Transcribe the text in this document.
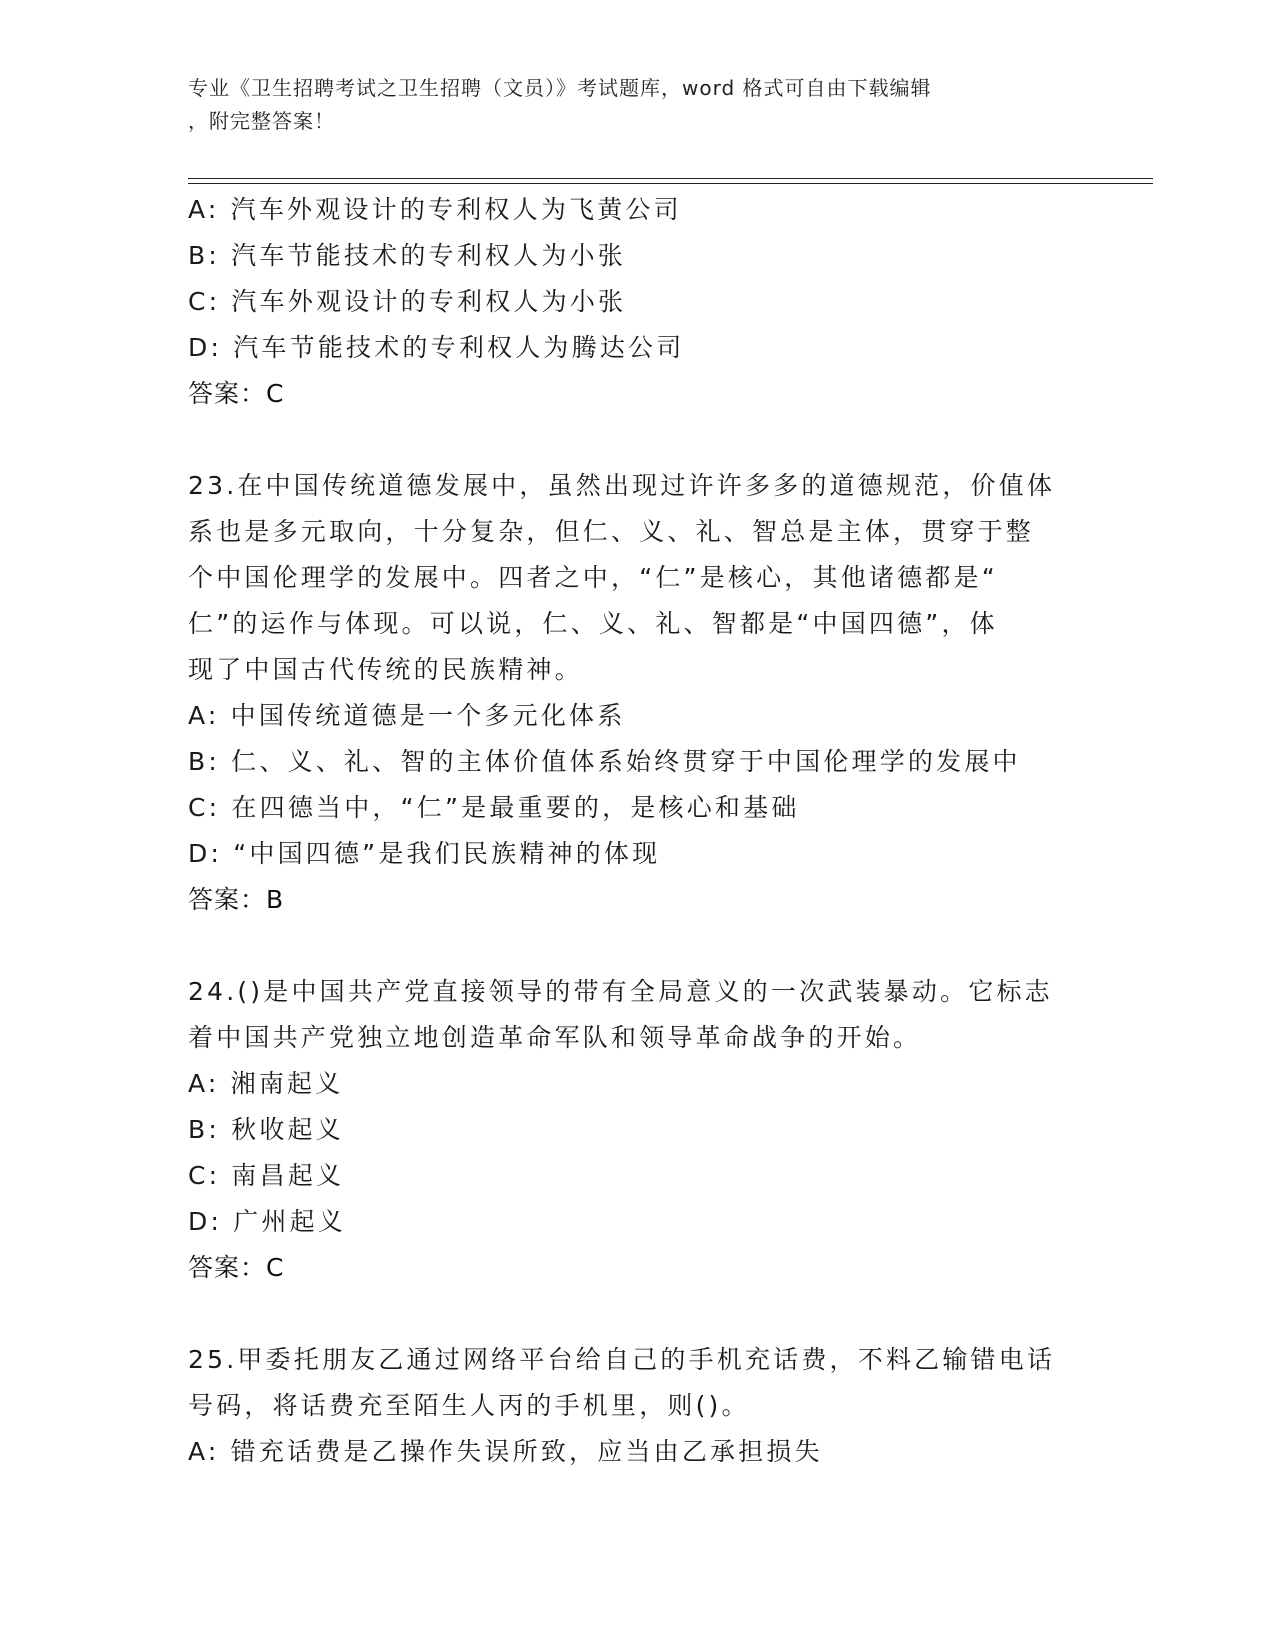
专业《卫生招聘考试之卫生招聘（文员）》考试题库，word 格式可自由下载编辑
，附完整答案！
A: 汽车外观设计的专利权人为飞黄公司
B: 汽车节能技术的专利权人为小张
C: 汽车外观设计的专利权人为小张
D: 汽车节能技术的专利权人为腾达公司
答案：C
23.在中国传统道德发展中，虽然出现过许许多多的道德规范，价值体
系也是多元取向，十分复杂，但仁、义、礼、智总是主体，贯穿于整
个中国伦理学的发展中。四者之中，“仁”是核心，其他诸德都是“
仁”的运作与体现。可以说，仁、义、礼、智都是“中国四德”，体
现了中国古代传统的民族精神。
A: 中国传统道德是一个多元化体系
B: 仁、义、礼、智的主体价值体系始终贯穿于中国伦理学的发展中
C: 在四德当中，“仁”是最重要的，是核心和基础
D: “中国四德”是我们民族精神的体现
答案：B
24.()是中国共产党直接领导的带有全局意义的一次武装暴动。它标志
着中国共产党独立地创造革命军队和领导革命战争的开始。
A: 湘南起义
B: 秋收起义
C: 南昌起义
D: 广州起义
答案：C
25.甲委托朋友乙通过网络平台给自己的手机充话费，不料乙输错电话
号码，将话费充至陌生人丙的手机里，则()。
A: 错充话费是乙操作失误所致，应当由乙承担损失
